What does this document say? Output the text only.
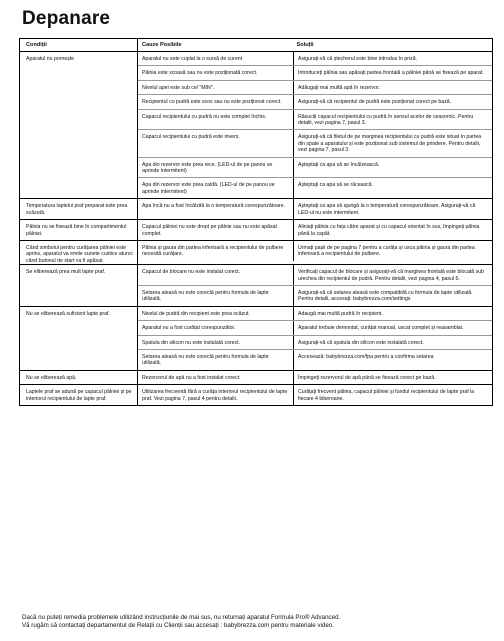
Depanare
Condiții	Cauze Posibile	Soluții
Aparatul nu pornește		Aparatul nu este cuplat la o sursă de curent	Asigurați-vă că ștecherul este bine introdus în priză.
Pâlnia este scoasă sau nu este poziționată corect.	Introduceți pâlnia sau apăsați partea frontală a pâlniei până se fixează pe aparat.
Nivelul apei este sub cel "MIN".	Adăugați mai multă apă în rezervor.
Recipientul cu pudră este scos sau nu este poziționat corect.	Asigurați-vă că recipientul de pudră este poziționat corect pe bază.
Capacul recipientului cu pudră nu este complet închis.	Răsuciți capacul recipientului cu pudră în sensul acelor de ceasornic. Pentru detalii, vezi pagina 7, pasul 3.
Capacul recipientului cu pudră este invers.	Asigurați-vă că filetul de pe marginea recipientului cu pudră este situat în partea din spate a aparatului și este poziționat sub sistemul de prindere. Pentru detalii, vezi pagina 7, pasul 3.
Apa din rezervor este prea rece. (LED-ul de pe panou se aprinde intermitent)	Așteptați ca apa să se încălzească.
Apa din rezervor este prea caldă. (LED-ul de pe panou se aprinde intermitent)	Așteptați ca apa să se răcească.

Temperatura laptelui praf preparat este prea scăzută.	
Apa încă nu a fost încălzită la o temperatură corespunzătoare.	Așteptați ca apa să ajungă la o temperatură corespunzătoare. Asigurați-vă că LED-ul nu este intermitent.

Pâlnia nu se fixează bine în compartimentul pâlniei.	
Capacul pâlniei nu este drept pe pâlnie sau nu este apăsat complet.	Aliniați pâlnia cu fața către aparat și cu capacul orientat în sus, împingeți pâlnia până la capăt.

Când simbolul pentru curățarea pâlniei este aprins, aparatul va emite sunete custice atunci când butonul de start va fi apăsat.	
Pâlnia și gaura din partea inferioară a recipientului de pulbere necesită curățare.	Urmați pașii de pe pagina 7 pentru a curăța și usca pâlnia și gaura din partea inferioară a recipientului de pulbere.

Se eliberează prea mult lapte praf.		Capacul de blocare nu este instalat corect.	Verificați capacul de blocare și asigurați-vă că marginea frontală este blocată sub urechea din recipientul de pudră. Pentru detalii, vezi pagina 4, pasul 6.
Setarea aleasă nu este corectă pentru formula de lapte utilizată.	Asigurați-vă că setarea aleasă este compatibilă cu formula de lapte utilizată. Pentru detalii, accesați: babybrezza.com/settings

Nu se eliberează suficient lapte praf.		Nivelul de pudră din recipient este prea scăzut.	Adaugă mai multă pudră în recipient.
Aparatul nu a fost curățat corespunzător.	Aparatul trebuie demontat, curățat manual, uscat complet și reasamblat.
Spatula din silicon nu este instalată corect.	Asigurați-vă că spatula din silicon este instalată corect.
Setarea aleasă nu este corectă pentru formula de lapte utilizată.	Accesează: babybrezza.com/fpa pentru a confirma setarea

Nu se eliberează apă.		Rezervorul de apă nu a fost instalat corect.	Împingeți rezervorul de apă până se fixează corect pe bază.

Laptele praf se adună pe capacul pâlniei și pe interiorul recipientului de lapte praf.	
Utilizarea frecventă fără a curăța interiorul recipientului de lapte praf. Vezi pagina 7, pasul 4 pentru detalii.	Curățați frecvent pâlnia, capacul pâlniei și fundul recipientului de lapte praf la fiecare 4 biberoane.

Dacă nu puteți remedia problemele utilizând instrucțiunile de mai sus, nu returnați aparatul Formula Pro® Advanced.

Vă rugăm să contactați departamentul de Relații cu Clienții sau accesați : babybrezza.com pentru materiale video.
